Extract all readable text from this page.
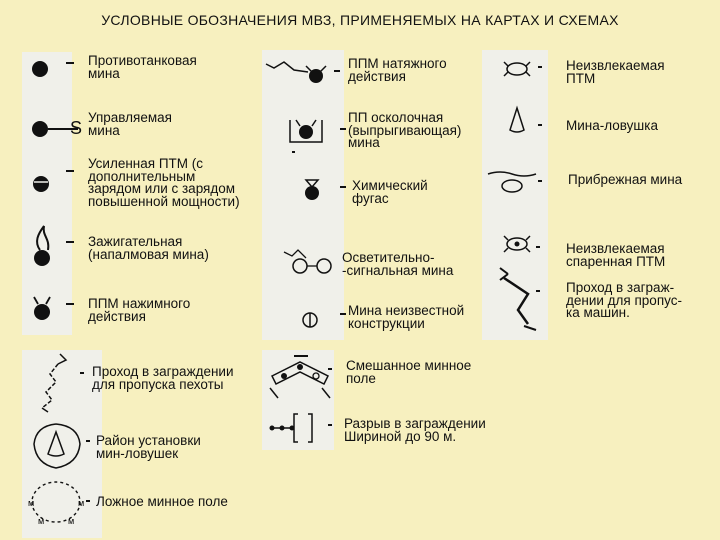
УСЛОВНЫЕ ОБОЗНАЧЕНИЯ МВЗ, ПРИМЕНЯЕМЫХ НА КАРТАХ И СХЕМАХ
Противотанковая
мина
S
Управляемая
мина
Усиленная ПТМ (с
дополнительным
зарядом или с зарядом
повышенной мощности)
Зажигательная
(напалмовая мина)
ППМ нажимного
действия
ППМ натяжного
действия
ПП осколочная
(выпрыгивающая)
мина
Химический
фугас
Осветительно-
-сигнальная мина
Мина неизвестной
конструкции
Неизвлекаемая
ПТМ
Мина-ловушка
Прибрежная мина
Неизвлекаемая
спаренная ПТМ
Проход в заграж-
дении для пропус-
ка машин.
Проход в заграждении
для пропуска пехоты
Район установки
мин-ловушек
м	м
м	м
Ложное минное поле
Смешанное минное
поле
Разрыв в заграждении
Шириной до 90 м.
